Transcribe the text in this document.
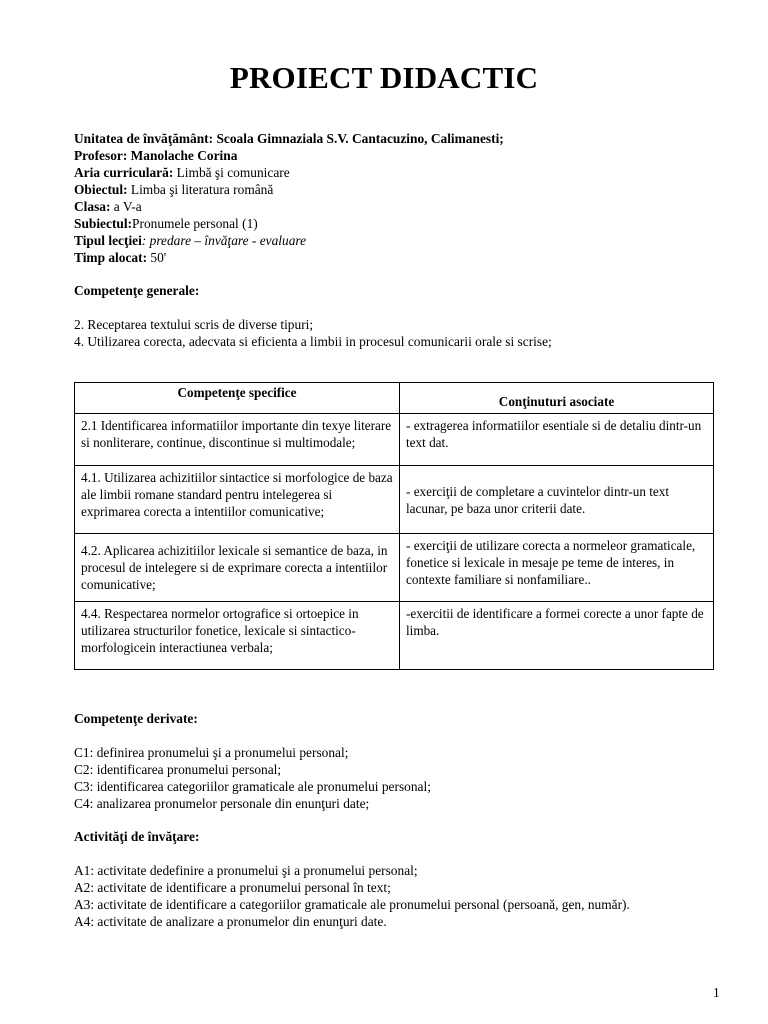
PROIECT DIDACTIC
Unitatea de învăţământ: Scoala Gimnaziala S.V. Cantacuzino, Calimanesti;
Profesor: Manolache Corina
Aria curriculară: Limbă şi comunicare
Obiectul: Limba şi literatura română
Clasa: a V-a
Subiectul:Pronumele personal (1)
Tipul lecţiei: predare – învăţare - evaluare
Timp alocat: 50'
Competenţe generale:
2. Receptarea textului scris de diverse tipuri;
4. Utilizarea corecta, adecvata si eficienta a limbii in procesul comunicarii orale si scrise;
Competenţe specifice	Conţinuturi asociate
2.1 Identificarea informatiilor importante din texye literare si nonliterare, continue, discontinue si multimodale;	- extragerea informatiilor esentiale si de detaliu dintr-un text dat.
4.1. Utilizarea achizitiilor sintactice si morfologice de baza ale limbii romane standard pentru intelegerea si exprimarea corecta a intentiilor comunicative;	- exerciţii de completare a cuvintelor dintr-un text lacunar, pe baza unor criterii date.
4.2. Aplicarea achizitiilor lexicale si semantice de baza, in procesul de intelegere si de exprimare corecta a intentiilor comunicative;	- exerciţii de utilizare corecta a normeleor gramaticale, fonetice si lexicale in mesaje pe teme de interes, in contexte familiare si nonfamiliare..
4.4. Respectarea normelor ortografice si ortoepice in utilizarea structurilor fonetice, lexicale si sintactico-morfologicein interactiunea verbala;	-exercitii de identificare a formei corecte a unor fapte de limba.
Competenţe derivate:
C1: definirea pronumelui şi a pronumelui personal;
C2: identificarea pronumelui personal;
C3: identificarea categoriilor gramaticale ale pronumelui personal;
C4: analizarea pronumelor personale din enunţuri date;
Activităţi de învăţare:
A1: activitate dedefinire a pronumelui şi a pronumelui personal;
A2: activitate de identificare a pronumelui personal în text;
A3: activitate de identificare a categoriilor gramaticale ale pronumelui personal (persoană, gen, număr).
A4: activitate de analizare a pronumelor din enunţuri date.
1
